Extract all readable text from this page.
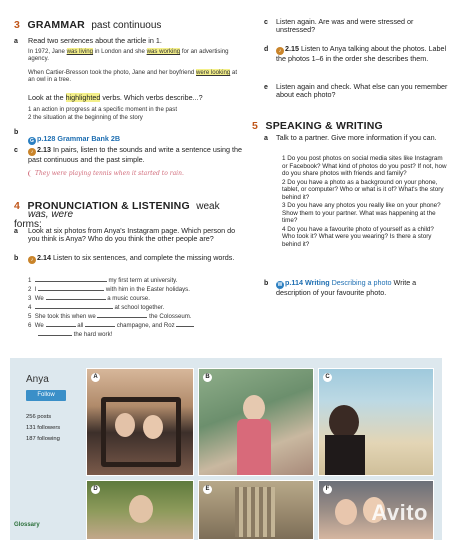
3 GRAMMAR past continuous
a Read two sentences about the article in 1.
In 1972, Jane was living in London and she was working for an advertising agency.
When Cartier-Bresson took the photo, Jane and her boyfriend were looking at an owl in a tree.
Look at the highlighted verbs. Which verbs describe...?
1 an action in progress at a specific moment in the past
2 the situation at the beginning of the story
b
G p.128 Grammar Bank 2B
c	♪ 2.13 In pairs, listen to the sounds and write a sentence using the past continuous and the past simple.
They were playing tennis when it started to rain.
4 PRONUNCIATION & LISTENING weak forms:
was, were
a Look at six photos from Anya's Instagram page. Which person do you think is Anya? Who do you think the other people are?
b	♪ 2.14 Listen to six sentences, and complete the missing words.
1	my first term at university.
2 I	with him in the Easter holidays.
3 We	a music course.
4	at school together.
5 She took this when we	the Colosseum.
6 We	all	champagne, and Roz
the hard work!
c Listen again. Are was and were stressed or unstressed?
d	♪ 2.15 Listen to Anya talking about the photos. Label the photos 1–6 in the order she describes them.
e Listen again and check. What else can you remember about each photo?
5 SPEAKING & WRITING
a Talk to a partner. Give more information if you can.
1 Do you post photos on social media sites like Instagram or Facebook? What kind of photos do you post? If not, how do you share photos with friends and family?
2 Do you have a photo as a background on your phone, tablet, or computer? Who or what is it of? What's the story behind it?
3 Do you have any photos you really like on your phone? Show them to your partner. What was happening at the time?
4 Do you have a favourite photo of yourself as a child? Who took it? What were you wearing? Is there a story behind it?
b	W p.114 Writing Describing a photo Write a description of your favourite photo.
Anya
Follow
256 posts
131 followers
187 following
Glossary
A	B	C
D	E	F
Avito
